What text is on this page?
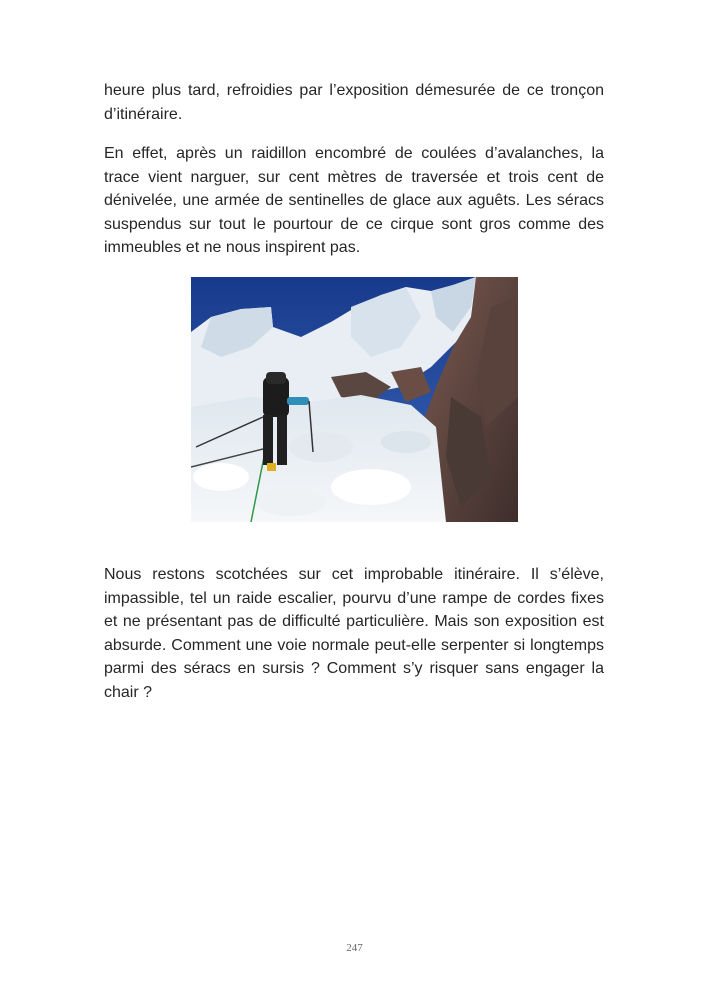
heure plus tard, refroidies par l’exposition démesurée de ce tronçon d’itinéraire.

En effet, après un raidillon encombré de coulées d’avalanches, la trace vient narguer, sur cent mètres de traversée et trois cent de dénivelée, une armée de sentinelles de glace aux aguêts. Les séracs suspendus sur tout le pourtour de ce cirque sont gros comme des immeubles et ne nous inspirent pas.

Nous restons scotchées sur cet improbable itinéraire. Il s’élève, impassible, tel un raide escalier, pourvu d’une rampe de cordes fixes et ne présentant pas de difficulté particulière. Mais son exposition est absurde. Comment une voie normale peut-elle serpenter si longtemps parmi des séracs en sursis ? Comment s’y risquer sans engager la chair ?

247
